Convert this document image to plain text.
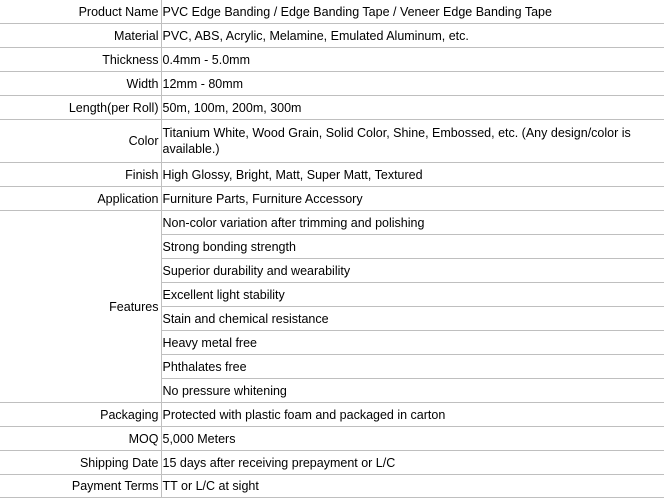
Product Name	PVC Edge Banding / Edge Banding Tape / Veneer Edge Banding Tape
Material	PVC, ABS, Acrylic, Melamine, Emulated Aluminum, etc.
Thickness	0.4mm - 5.0mm
Width	12mm - 80mm
Length(per Roll)	50m, 100m, 200m, 300m
Color	Titanium White, Wood Grain, Solid Color, Shine, Embossed, etc. (Any design/color is available.)
Finish	High Glossy, Bright, Matt, Super Matt, Textured
Application	Furniture Parts, Furniture Accessory
Features	Non-color variation after trimming and polishing
	Strong bonding strength
	Superior durability and wearability
	Excellent light stability
	Stain and chemical resistance
	Heavy metal free
	Phthalates free
	No pressure whitening
Packaging	Protected with plastic foam and packaged in carton
MOQ	5,000 Meters
Shipping Date	15 days after receiving prepayment or L/C
Payment Terms	TT or L/C at sight
